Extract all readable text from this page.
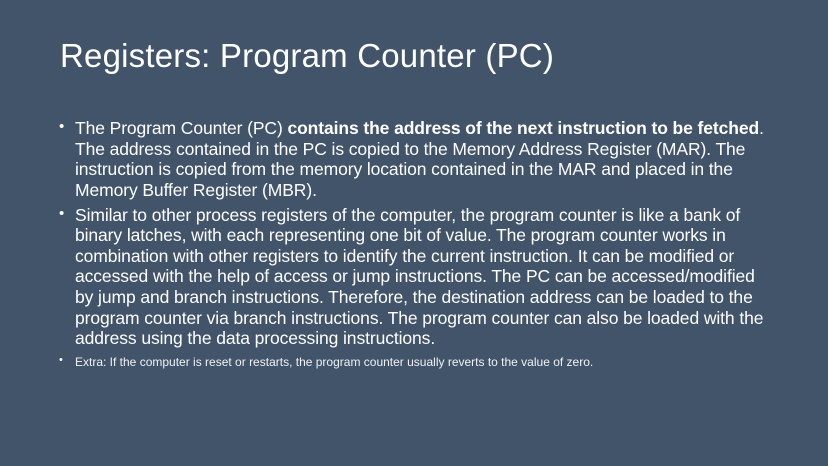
Registers: Program Counter (PC)
• The Program Counter (PC) contains the address of the next instruction to be fetched. The address contained in the PC is copied to the Memory Address Register (MAR). The instruction is copied from the memory location contained in the MAR and placed in the Memory Buffer Register (MBR).
• Similar to other process registers of the computer, the program counter is like a bank of binary latches, with each representing one bit of value. The program counter works in combination with other registers to identify the current instruction. It can be modified or accessed with the help of access or jump instructions. The PC can be accessed/modified by jump and branch instructions. Therefore, the destination address can be loaded to the program counter via branch instructions. The program counter can also be loaded with the address using the data processing instructions.
• Extra: If the computer is reset or restarts, the program counter usually reverts to the value of zero.
